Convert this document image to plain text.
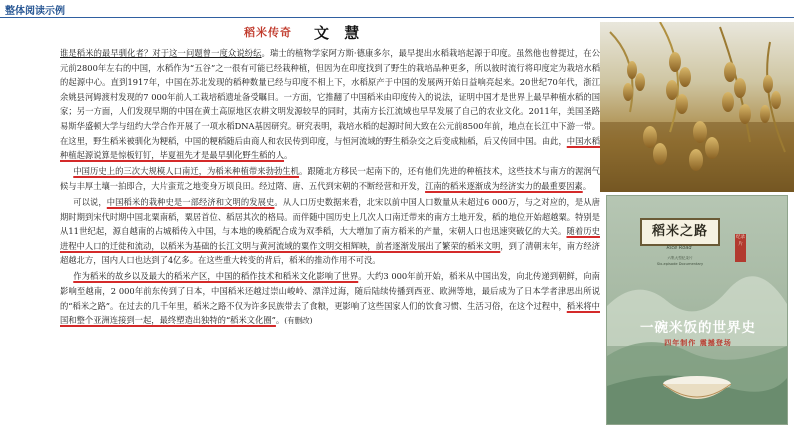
整体阅读示例
稻米传奇 文 慧

谁是稻米的最早驯化者？对于这一问题曾一度众说纷纭。瑞士的植物学家阿方斯·德康多尔，最早提出水稻栽培起源于印度。虽然他也曾提过，在公元前2800年左右的中国，水稻作为“五谷”之一很有可能已经栽种植，但因为在印度找到了野生的栽培品种更多，所以彼时流行将印度定为栽培水稻的起源中心。直到1917年，中国在苏北发现的稻种数量已经与印度不相上下，水稻原产于中国的发展两开始日益响亮起来。20世纪70年代，浙江余姚县河姆渡村发现的7 000年前人工栽培稻遗址备受瞩目。一方面，它推翻了中国稻米由印度传入的说法，证明中国才是世界上最早种植水稻的国家；另一方面，人们发现早期的中国在黄土高原地区农耕文明发源较早的同时，其南方长江流域也早早发展了自己的农业文化。2011年，美国圣路易斯华盛顿大学与纽约大学合作开展了一项水稻DNA基因研究。研究表明，栽培水稻的起源时间大致在公元前8500年前，地点在长江中下游一带。在这里，野生稻米被驯化为粳稻，中国的粳稻随后由商人和农民传到印度，与恒河流域的野生稻杂交之后变成籼稻，后又传回中国。由此，中国水稻种植起源说算是惊板钉钉，毕夏祖先才是最早驯化野生稻的人。

中国历史上的三次大规模人口南迁，为稻米种植带来勃勃生机。跟随北方移民一起南下的，还有他们先进的种植技术，这些技术与南方的渥润气候与丰厚土壤一拍即合，大片蛮荒之地变身万顷良田。经过隋、唐、五代到宋朝的不断经营和开发，江南的稻米逐渐成为经济实力的最重要因素。

可以说，中国稻米的栽种史是一部经济和文明的发展史。从人口历史数据来看，北宋以前中国人口数量从未超过6 000万，与之对应的，是从唐期时期到宋代时期中国北粟南稻，粟居首位、稻居其次的格局。而伴随中国历史上几次人口南迁带来的南方土地开发，稻的地位开始超越粟。特别是从11世纪起，源自越南的占城稻传入中国，与本地的晚稻配合成为双季稻，大大增加了南方稻米的产量，宋朝人口也迅速突破亿的大关。随着历史进程中人口的迁徙和流动，以稻米为基础的长江文明与黄河流域的粟作文明交相辉映，前者逐渐发展出了繁荣的稻米文明，到了清朝末年，南方经济超越北方，国内人口也达到了4亿多。在这些重大转变的背后，稻米的推动作用不可没。

作为稻米的故乡以及最大的稻米产区，中国的稻作技术和稻米文化影响了世界。大约3 000年前开始，稻米从中国出发，向北传递到朝鲜，向南影响至越南，2 000年前东传到了日本，中国稻米还越过崇山峻岭、漂洋过海，随后陆续传播到西亚、欧洲等地，最后成为了日本学者津思出所说的“稻米之路”。在过去的几千年里，稻米之路不仅为许多民族带去了食粮，更影响了这些国家人们的饮食习惯、生活习俗，在这个过程中，稻米将中国和整个亚洲连接到一起，最终塑造出独特的“稻米文化圈”。(有删改)

稻米之路	纪录片
Rice Road
六集大型纪录片
Six-episode Documentary
一碗米饭的世界史
四年制作 震撼登场
